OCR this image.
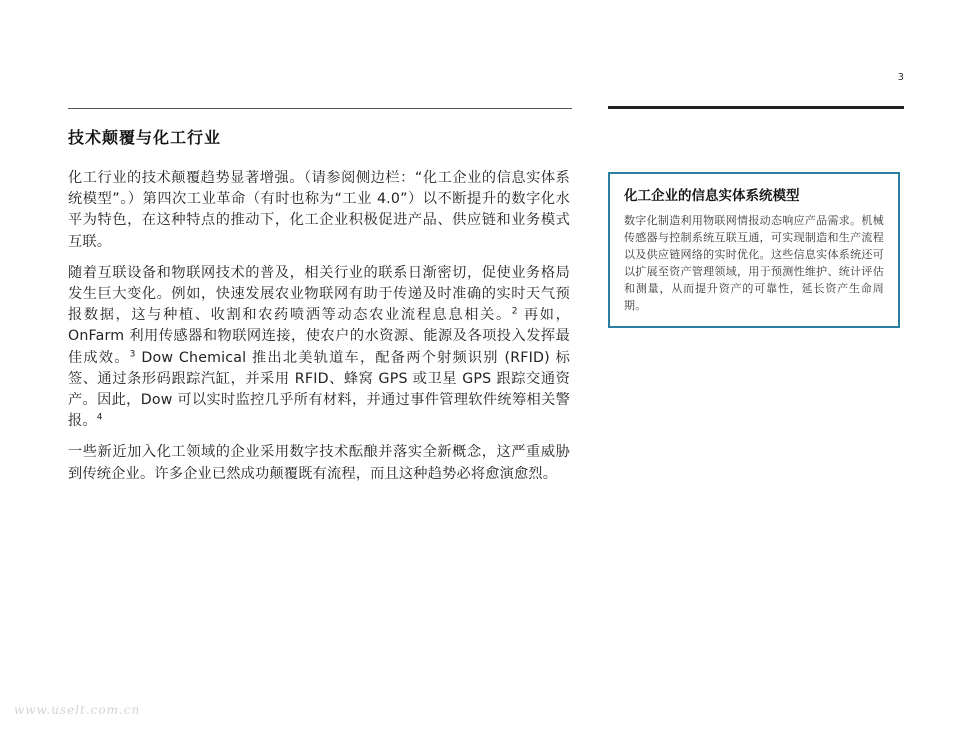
3
技术颠覆与化工行业

化工行业的技术颠覆趋势显著增强。（请参阅侧边栏：“化工企业的信息实体系统模型”。）第四次工业革命（有时也称为“工业 4.0”）以不断提升的数字化水平为特色，在这种特点的推动下，化工企业积极促进产品、供应链和业务模式互联。

随着互联设备和物联网技术的普及，相关行业的联系日渐密切，促使业务格局发生巨大变化。例如，快速发展农业物联网有助于传递及时准确的实时天气预报数据，这与种植、收割和农药喷洒等动态农业流程息息相关。$^2$ 再如，OnFarm 利用传感器和物联网连接，使农户的水资源、能源及各项投入发挥最佳成效。$^3$ Dow Chemical 推出北美轨道车，配备两个射频识别 (RFID) 标签、通过条形码跟踪汽缸，并采用 RFID、蜂窝 GPS 或卫星 GPS 跟踪交通资产。因此，Dow 可以实时监控几乎所有材料，并通过事件管理软件统筹相关警报。$^4$

一些新近加入化工领域的企业采用数字技术酝酿并落实全新概念，这严重威胁到传统企业。许多企业已然成功颠覆既有流程，而且这种趋势必将愈演愈烈。

化工企业的信息实体系统模型

数字化制造利用物联网情报动态响应产品需求。机械传感器与控制系统互联互通，可实现制造和生产流程以及供应链网络的实时优化。这些信息实体系统还可以扩展至资产管理领域，用于预测性维护、统计评估和测量，从而提升资产的可靠性，延长资产生命周期。

www.uselt.com.cn
